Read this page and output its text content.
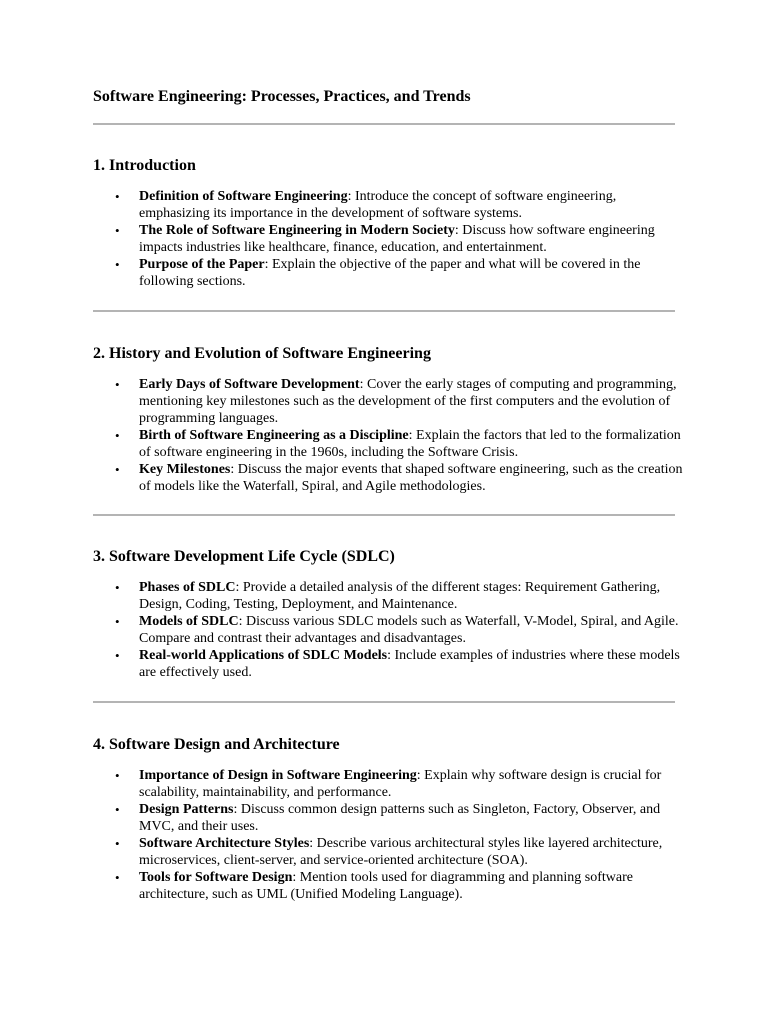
Software Engineering: Processes, Practices, and Trends
1. Introduction
• Definition of Software Engineering: Introduce the concept of software engineering, emphasizing its importance in the development of software systems.
• The Role of Software Engineering in Modern Society: Discuss how software engineering impacts industries like healthcare, finance, education, and entertainment.
• Purpose of the Paper: Explain the objective of the paper and what will be covered in the following sections.
2. History and Evolution of Software Engineering
• Early Days of Software Development: Cover the early stages of computing and programming, mentioning key milestones such as the development of the first computers and the evolution of programming languages.
• Birth of Software Engineering as a Discipline: Explain the factors that led to the formalization of software engineering in the 1960s, including the Software Crisis.
• Key Milestones: Discuss the major events that shaped software engineering, such as the creation of models like the Waterfall, Spiral, and Agile methodologies.
3. Software Development Life Cycle (SDLC)
• Phases of SDLC: Provide a detailed analysis of the different stages: Requirement Gathering, Design, Coding, Testing, Deployment, and Maintenance.
• Models of SDLC: Discuss various SDLC models such as Waterfall, V-Model, Spiral, and Agile. Compare and contrast their advantages and disadvantages.
• Real-world Applications of SDLC Models: Include examples of industries where these models are effectively used.
4. Software Design and Architecture
• Importance of Design in Software Engineering: Explain why software design is crucial for scalability, maintainability, and performance.
• Design Patterns: Discuss common design patterns such as Singleton, Factory, Observer, and MVC, and their uses.
• Software Architecture Styles: Describe various architectural styles like layered architecture, microservices, client-server, and service-oriented architecture (SOA).
• Tools for Software Design: Mention tools used for diagramming and planning software architecture, such as UML (Unified Modeling Language).
